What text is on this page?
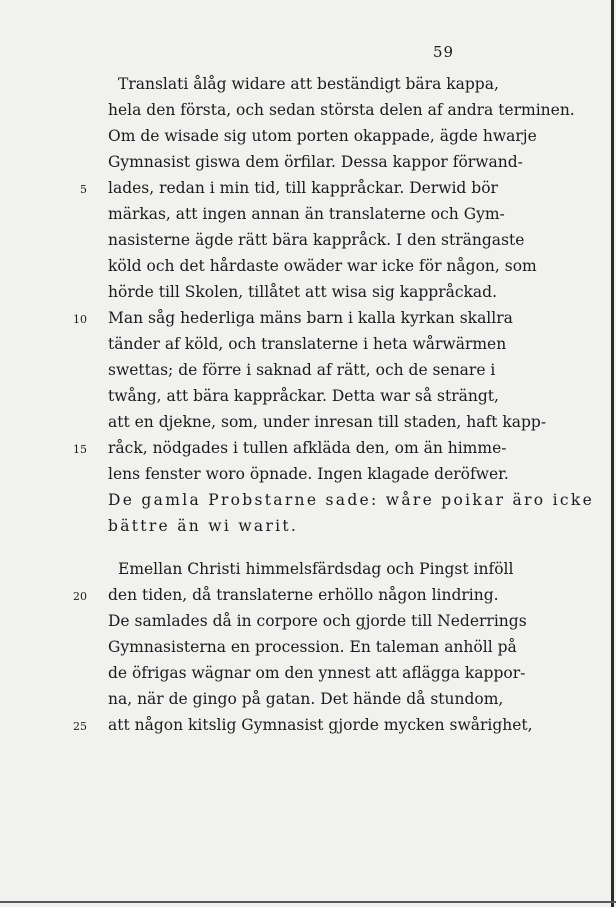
59
Translati ålåg widare att beständigt bära kappa,
hela den första, och sedan största delen af andra terminen.
Om de wisade sig utom porten okappade, ägde hwarje
Gymnasist giswa dem örfilar. Dessa kappor förwand-
lades, redan i min tid, till kappråckar. Derwid bör
märkas, att ingen annan än translaterne och Gym-
nasisterne ägde rätt bära kappråck. I den strängaste
köld och det hårdaste owäder war icke för någon, som
hörde till Skolen, tillåtet att wisa sig kappråckad.
Man såg hederliga mäns barn i kalla kyrkan skallra
tänder af köld, och translaterne i heta wårwärmen
swettas; de förre i saknad af rätt, och de senare i
twång, att bära kappråckar. Detta war så strängt,
att en djekne, som, under inresan till staden, haft kapp-
råck, nödgades i tullen afkläda den, om än himme-
lens fenster woro öpnade. Ingen klagade deröfwer.
De gamla Probstarne sade: wåre poikar äro icke
bättre än wi warit.
Emellan Christi himmelsfärdsdag och Pingst inföll
den tiden, då translaterne erhöllo någon lindring.
De samlades då in corpore och gjorde till Nederrings
Gymnasisterna en procession. En taleman anhöll på
de öfrigas wägnar om den ynnest att aflägga kappor-
na, när de gingo på gatan. Det hände då stundom,
att någon kitslig Gymnasist gjorde mycken swårighet,
5
10
15
20
25
